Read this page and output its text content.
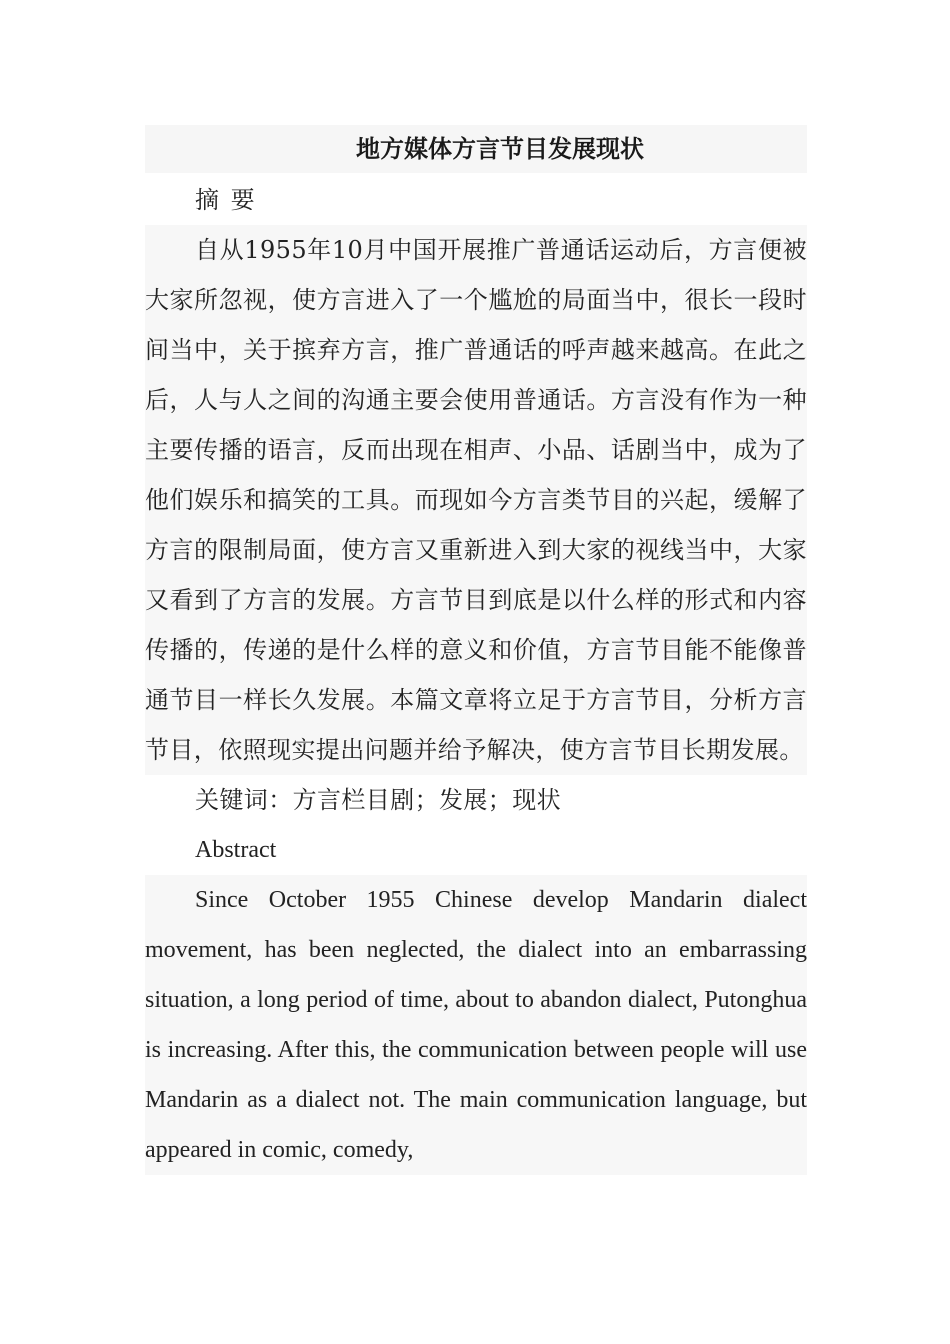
地方媒体方言节目发展现状

摘 要

自从1955年10月中国开展推广普通话运动后，方言便被大家所忽视，使方言进入了一个尴尬的局面当中，很长一段时间当中，关于摈弃方言，推广普通话的呼声越来越高。在此之后，人与人之间的沟通主要会使用普通话。方言没有作为一种主要传播的语言，反而出现在相声、小品、话剧当中，成为了他们娱乐和搞笑的工具。而现如今方言类节目的兴起，缓解了方言的限制局面，使方言又重新进入到大家的视线当中，大家又看到了方言的发展。方言节目到底是以什么样的形式和内容传播的，传递的是什么样的意义和价值，方言节目能不能像普通节目一样长久发展。本篇文章将立足于方言节目，分析方言节目，依照现实提出问题并给予解决，使方言节目长期发展。

关键词：方言栏目剧；发展；现状

Abstract

Since October 1955 Chinese develop Mandarin dialect movement, has been neglected, the dialect into an embarrassing situation, a long period of time, about to abandon dialect, Putonghua is increasing. After this, the communication between people will use Mandarin as a dialect not. The main communication language, but appeared in comic, comedy,
